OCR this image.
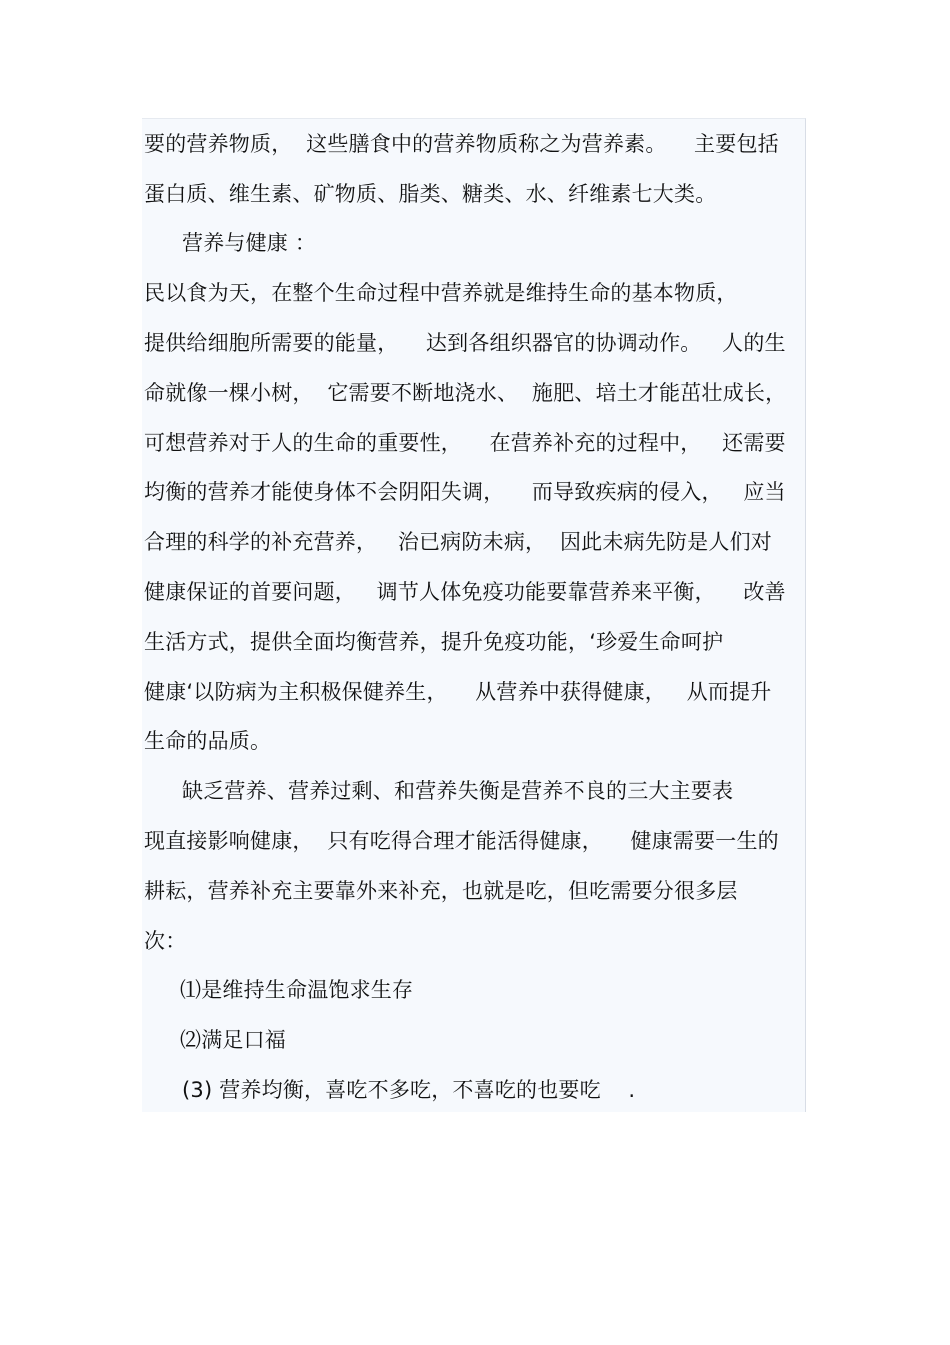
要的营养物质，  这些膳食中的营养物质称之为营养素。    主要包括
蛋白质、维生素、矿物质、脂类、糖类、水、纤维素七大类。
营养与健康 ：
民以食为天，在整个生命过程中营养就是维持生命的基本物质，
提供给细胞所需要的能量，    达到各组织器官的协调动作。   人的生
命就像一棵小树，  它需要不断地浇水、  施肥、培土才能茁壮成长，
可想营养对于人的生命的重要性，    在营养补充的过程中，   还需要
均衡的营养才能使身体不会阴阳失调，    而导致疾病的侵入，   应当
合理的科学的补充营养，   治已病防未病，  因此未病先防是人们对
健康保证的首要问题，   调节人体免疫功能要靠营养来平衡，    改善
生活方式，提供全面均衡营养，提升免疫功能，‘珍爱生命呵护
健康‘以防病为主积极保健养生，    从营养中获得健康，   从而提升
生命的品质。
缺乏营养、营养过剩、和营养失衡是营养不良的三大主要表
现直接影响健康，  只有吃得合理才能活得健康，    健康需要一生的
耕耘，营养补充主要靠外来补充，也就是吃，但吃需要分很多层
次：
⑴是维持生命温饱求生存
⑵满足口福
(3) 营养均衡，喜吃不多吃，不喜吃的也要吃    .
